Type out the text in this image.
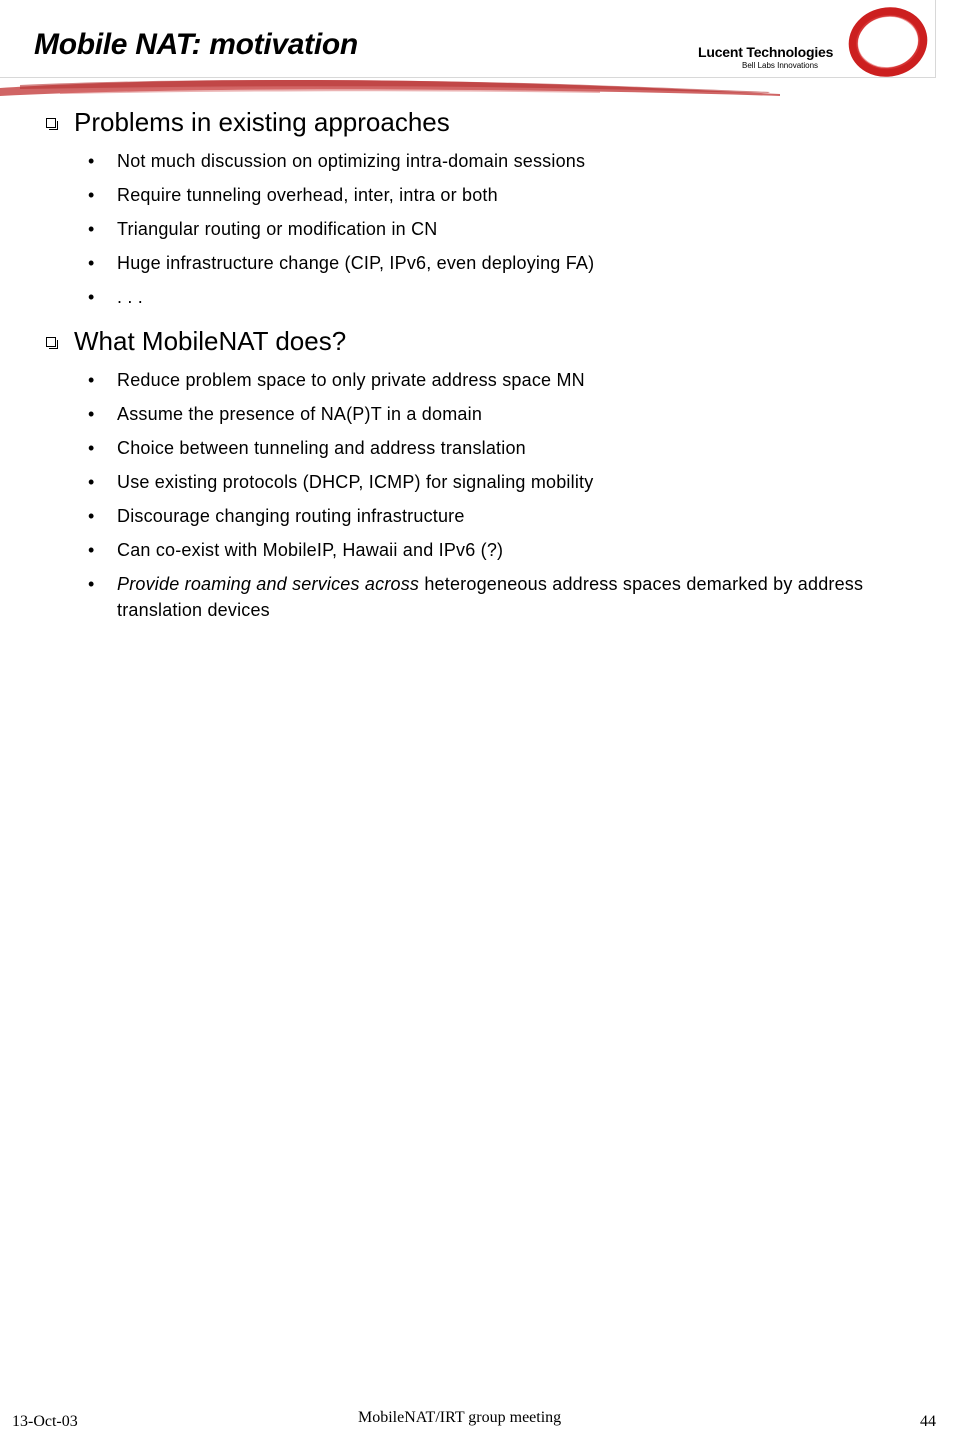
Mobile NAT: motivation	Lucent Technologies
Bell Labs Innovations
Problems in existing approaches
• Not much discussion on optimizing intra-domain sessions
• Require tunneling overhead, inter, intra or both
• Triangular routing or modification in CN
• Huge infrastructure change (CIP, IPv6, even deploying FA)
• . . .
What MobileNAT does?
• Reduce problem space to only private address space MN
• Assume the presence of NA(P)T in a domain
• Choice between tunneling and address translation
• Use existing protocols (DHCP, ICMP) for signaling mobility
• Discourage changing routing infrastructure
• Can co-exist with MobileIP, Hawaii and IPv6 (?)
• Provide roaming and services across heterogeneous address spaces demarked by address translation devices
13-Oct-03	MobileNAT/IRT group meeting	44
